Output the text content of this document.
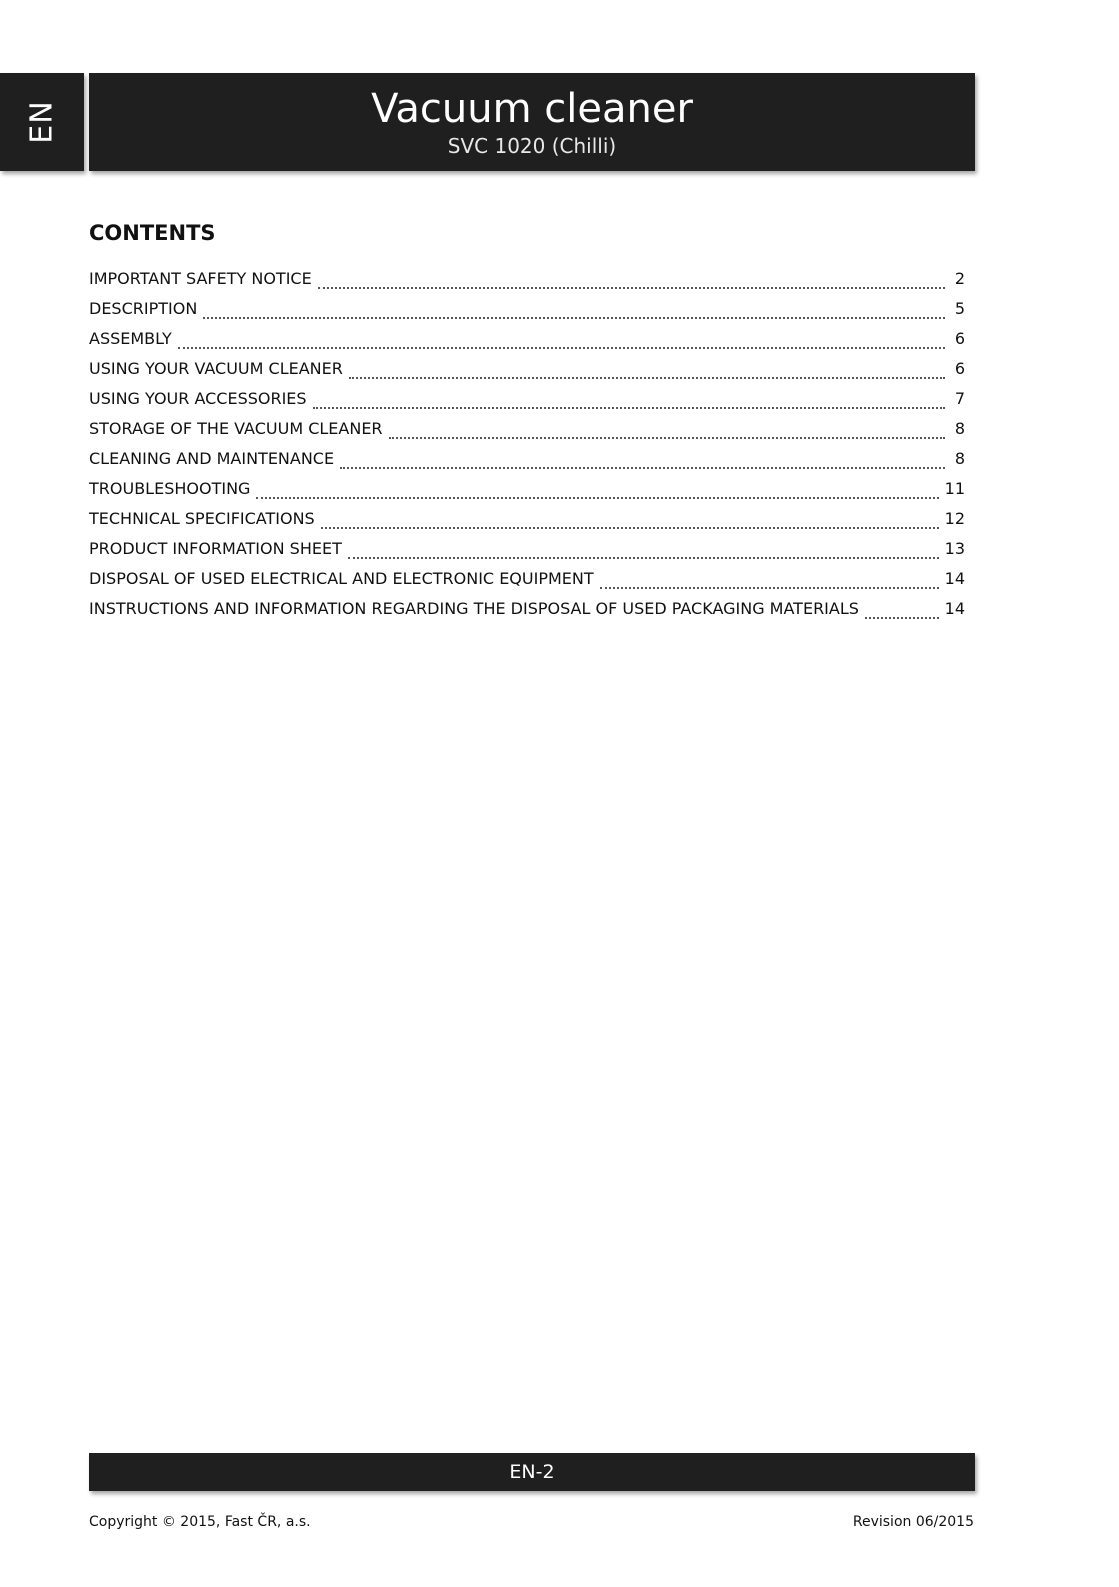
EN	Vacuum cleaner
SVC 1020 (Chilli)
CONTENTS
IMPORTANT SAFETY NOTICE	2
DESCRIPTION	5
ASSEMBLY	6
USING YOUR VACUUM CLEANER	6
USING YOUR ACCESSORIES	7
STORAGE OF THE VACUUM CLEANER	8
CLEANING AND MAINTENANCE	8
TROUBLESHOOTING	11
TECHNICAL SPECIFICATIONS	12
PRODUCT INFORMATION SHEET	13
DISPOSAL OF USED ELECTRICAL AND ELECTRONIC EQUIPMENT	14
INSTRUCTIONS AND INFORMATION REGARDING THE DISPOSAL OF USED PACKAGING MATERIALS	14
EN-2
Copyright © 2015, Fast ČR, a.s.	Revision 06/2015
